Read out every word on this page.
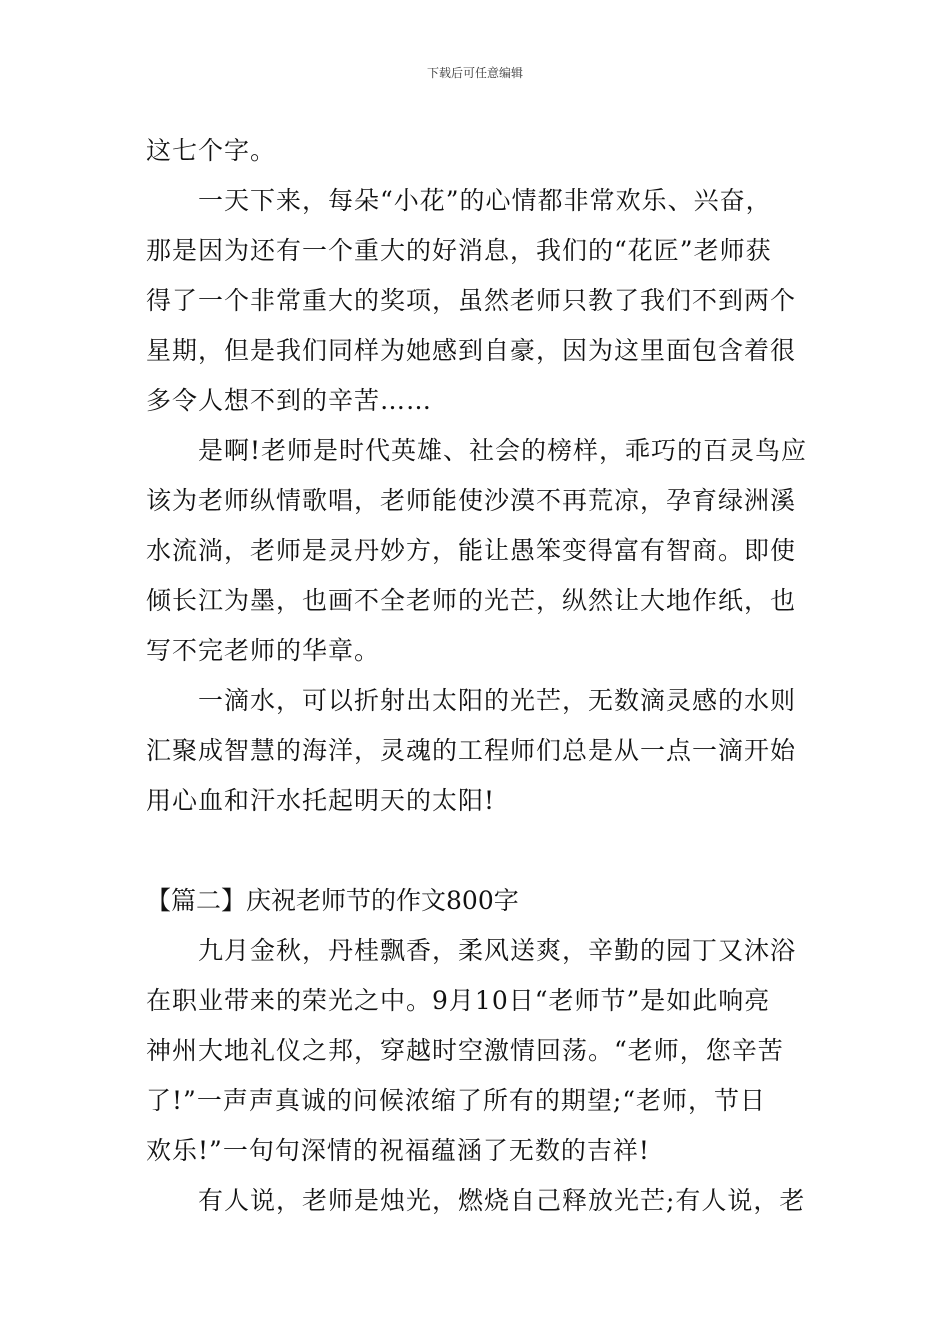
下载后可任意编辑
这七个字。
一天下来，每朵“小花”的心情都非常欢乐、兴奋，
那是因为还有一个重大的好消息，我们的“花匠”老师获
得了一个非常重大的奖项，虽然老师只教了我们不到两个
星期，但是我们同样为她感到自豪，因为这里面包含着很
多令人想不到的辛苦……
是啊!老师是时代英雄、社会的榜样，乖巧的百灵鸟应
该为老师纵情歌唱，老师能使沙漠不再荒凉，孕育绿洲溪
水流淌，老师是灵丹妙方，能让愚笨变得富有智商。即使
倾长江为墨，也画不全老师的光芒，纵然让大地作纸，也
写不完老师的华章。
一滴水，可以折射出太阳的光芒，无数滴灵感的水则
汇聚成智慧的海洋，灵魂的工程师们总是从一点一滴开始
用心血和汗水托起明天的太阳!
【篇二】庆祝老师节的作文800字
九月金秋，丹桂飘香，柔风送爽，辛勤的园丁又沐浴
在职业带来的荣光之中。9月10日“老师节”是如此响亮
神州大地礼仪之邦，穿越时空激情回荡。“老师，您辛苦
了!”一声声真诚的问候浓缩了所有的期望;“老师，节日
欢乐!”一句句深情的祝福蕴涵了无数的吉祥!
有人说，老师是烛光，燃烧自己释放光芒;有人说，老
